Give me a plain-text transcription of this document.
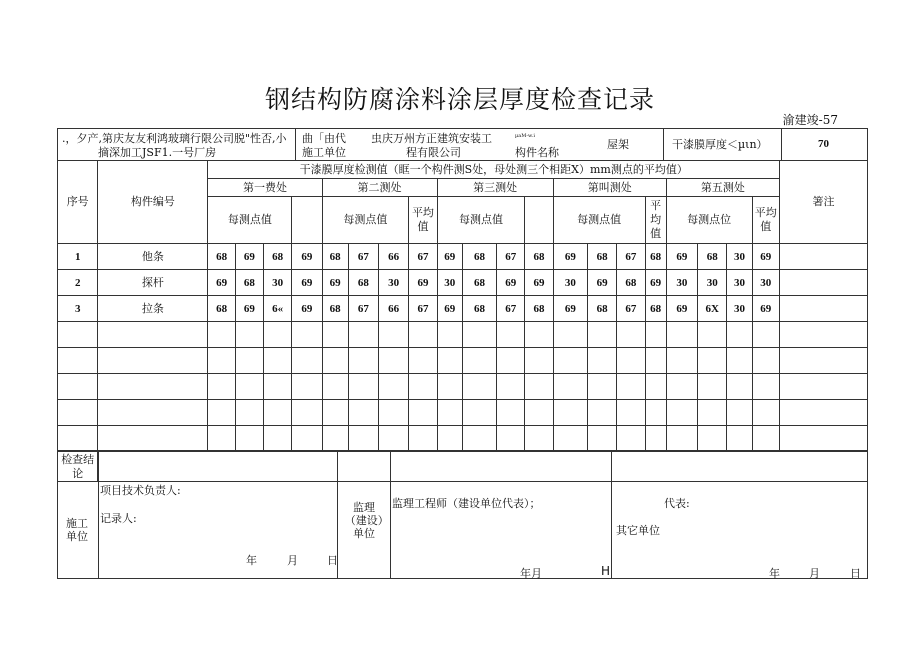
钢结构防腐涂料涂层厚度检查记录
渝建竣-57
.，夕产,第庆友友利鸿玻璃行限公司脱"性否,小
摘深加工JSF1.一号厂房
曲「由代
施工单位
虫庆万州方正建筑安装工
程有限公司
µaM-w.i
构件名称
屋架	干漆膜厚度＜µιn）	70
序号	构件编号	干漆膜厚度检测值（眶一个构件测S处，母处测三个相距X）mm测点的平均值）																				箸注
		第一费处				第二测处				第三测处				第叫测处				第五测处				
		每测点值				每测点值			平均值	每测点值				每测点值			平均值	每测点位			平均值	
1	他条	68	69	68	69	68	67	66	67	69	68	67	68	69	68	67	68	69	68	30	69	
2	探杆	69	68	30	69	69	68	30	69	30	68	69	69	30	69	68	69	30	30	30	30	
3	拉条	68	69	6«	69	68	67	66	67	69	68	67	68	69	68	67	68	69	6X	30	69	

检查结论																						
施工单位
项目技术负责人:
记录人:
年	月	日
监理（建设）单位
监理工程师（建设单位代表）；
年月	H
代表:
其它单位
年	月	日
